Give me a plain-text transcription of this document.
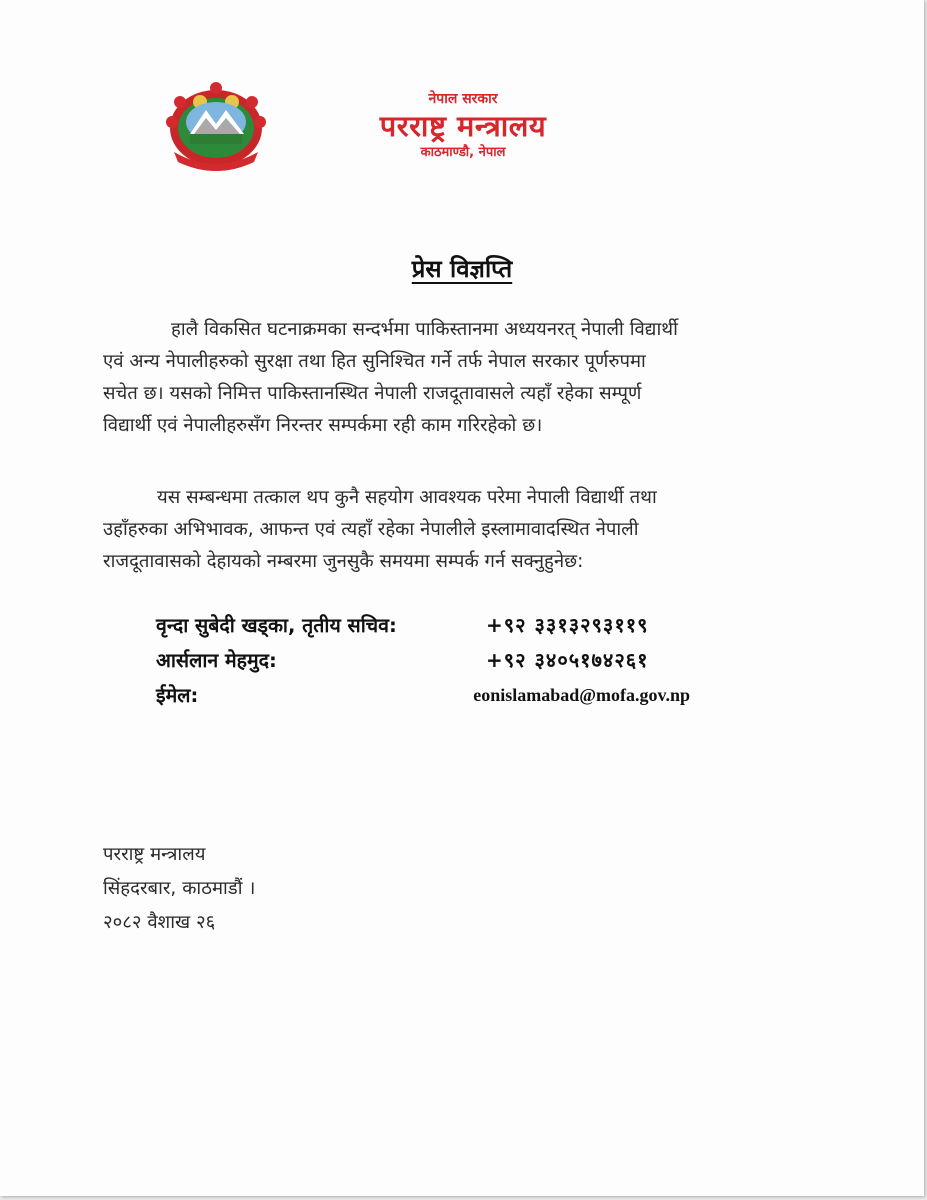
नेपाल सरकार
परराष्ट्र मन्त्रालय
काठमाण्डौ, नेपाल
प्रेस विज्ञप्ति
हालै विकसित घटनाक्रमका सन्दर्भमा पाकिस्तानमा अध्ययनरत् नेपाली विद्यार्थी
एवं अन्य नेपालीहरुको सुरक्षा तथा हित सुनिश्चित गर्ने तर्फ नेपाल सरकार पूर्णरुपमा
सचेत छ। यसको निमित्त पाकिस्तानस्थित नेपाली राजदूतावासले त्यहाँ रहेका सम्पूर्ण
विद्यार्थी एवं नेपालीहरुसँग निरन्तर सम्पर्कमा रही काम गरिरहेको छ।
यस सम्बन्धमा तत्काल थप कुनै सहयोग आवश्यक परेमा नेपाली विद्यार्थी तथा
उहाँहरुका अभिभावक, आफन्त एवं त्यहाँ रहेका नेपालीले इस्लामावादस्थित नेपाली
राजदूतावासको देहायको नम्बरमा जुनसुकै समयमा सम्पर्क गर्न सक्नुहुनेछ:
वृन्दा सुबेदी खड्का, तृतीय सचिव:	+९२ ३३१३२९३११९
आर्सलान मेहमुद:	+९२ ३४०५१७४२६१
ईमेल:	eonislamabad@mofa.gov.np
परराष्ट्र मन्त्रालय
सिंहदरबार, काठमाडौं ।
२०८२ वैशाख २६
